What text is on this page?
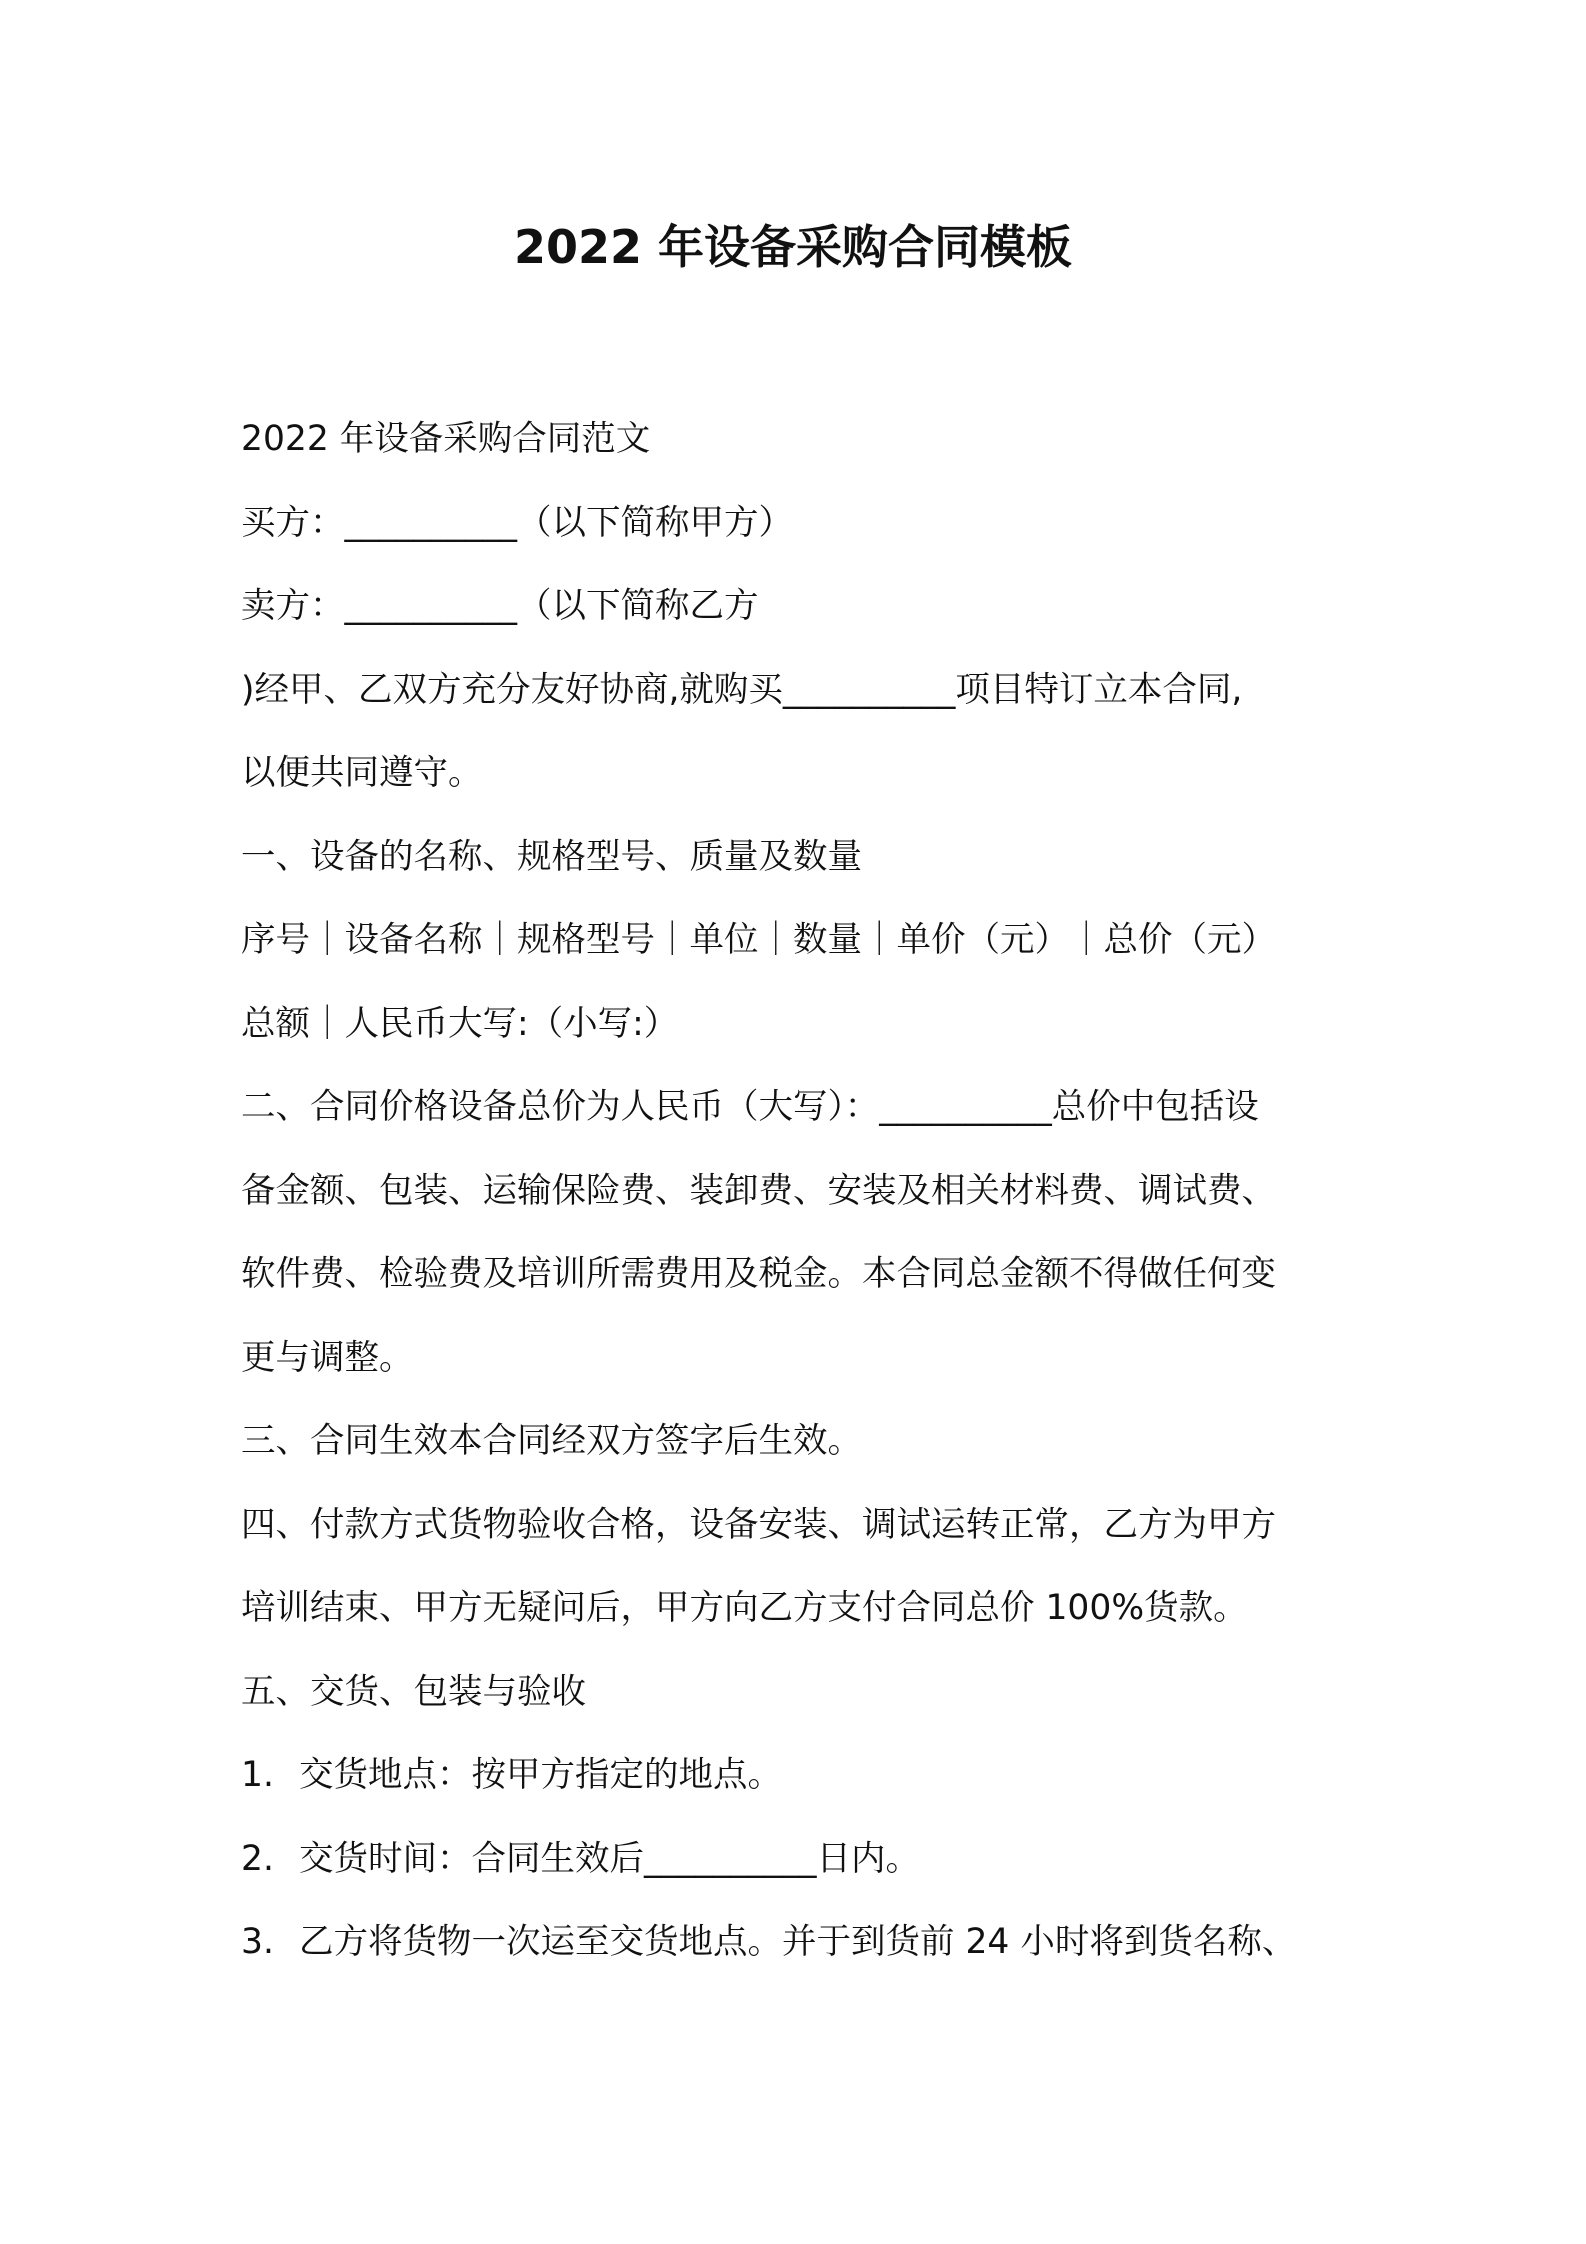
2022 年设备采购合同模板
2022 年设备采购合同范文
买方：__________（以下简称甲方）
卖方：__________（以下简称乙方
)经甲、乙双方充分友好协商,就购买__________项目特订立本合同,
以便共同遵守。
一、设备的名称、规格型号、质量及数量
序号｜设备名称｜规格型号｜单位｜数量｜单价（元）｜总价（元）
总额｜人民币大写:（小写:）
二、合同价格设备总价为人民币（大写）：__________总价中包括设
备金额、包装、运输保险费、装卸费、安装及相关材料费、调试费、
软件费、检验费及培训所需费用及税金。本合同总金额不得做任何变
更与调整。
三、合同生效本合同经双方签字后生效。
四、付款方式货物验收合格，设备安装、调试运转正常，乙方为甲方
培训结束、甲方无疑问后，甲方向乙方支付合同总价 100%货款。
五、交货、包装与验收
1. 交货地点：按甲方指定的地点。
2. 交货时间：合同生效后__________日内。
3. 乙方将货物一次运至交货地点。并于到货前 24 小时将到货名称、
